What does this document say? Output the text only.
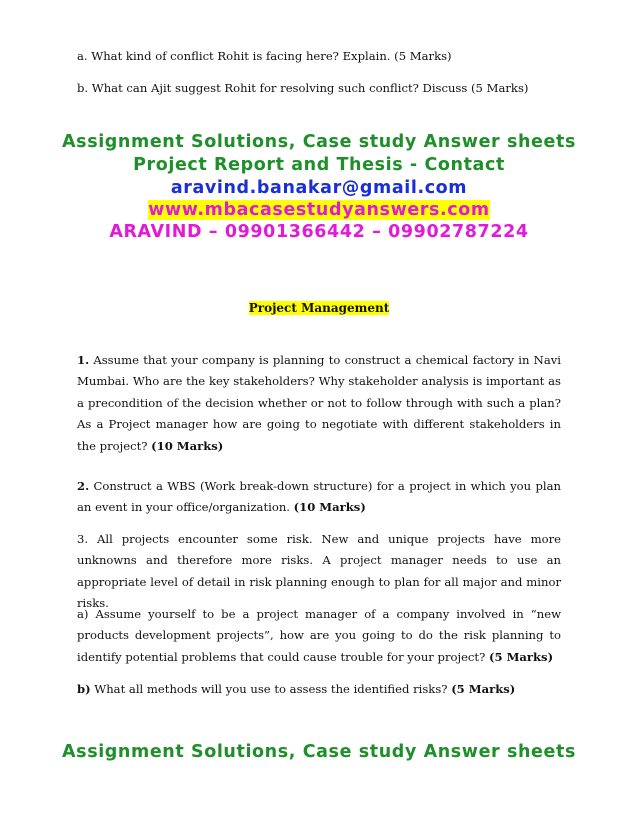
a. What kind of conflict Rohit is facing here? Explain. (5 Marks)
b. What can Ajit suggest Rohit for resolving such conflict? Discuss (5 Marks)
Assignment Solutions, Case study Answer sheets
Project Report and Thesis - Contact
aravind.banakar@gmail.com
www.mbacasestudyanswers.com
ARAVIND – 09901366442 – 09902787224
Project Management
1. Assume that your company is planning to construct a chemical factory in Navi Mumbai. Who are the key stakeholders? Why stakeholder analysis is important as a precondition of the decision whether or not to follow through with such a plan? As a Project manager how are going to negotiate with different stakeholders in the project? (10 Marks)
2. Construct a WBS (Work break-down structure) for a project in which you plan an event in your office/organization. (10 Marks)
3. All projects encounter some risk. New and unique projects have more unknowns and therefore more risks. A project manager needs to use an appropriate level of detail in risk planning enough to plan for all major and minor risks.
a) Assume yourself to be a project manager of a company involved in “new products development projects”, how are you going to do the risk planning to identify potential problems that could cause trouble for your project? (5 Marks)
b) What all methods will you use to assess the identified risks? (5 Marks)
Assignment Solutions, Case study Answer sheets
